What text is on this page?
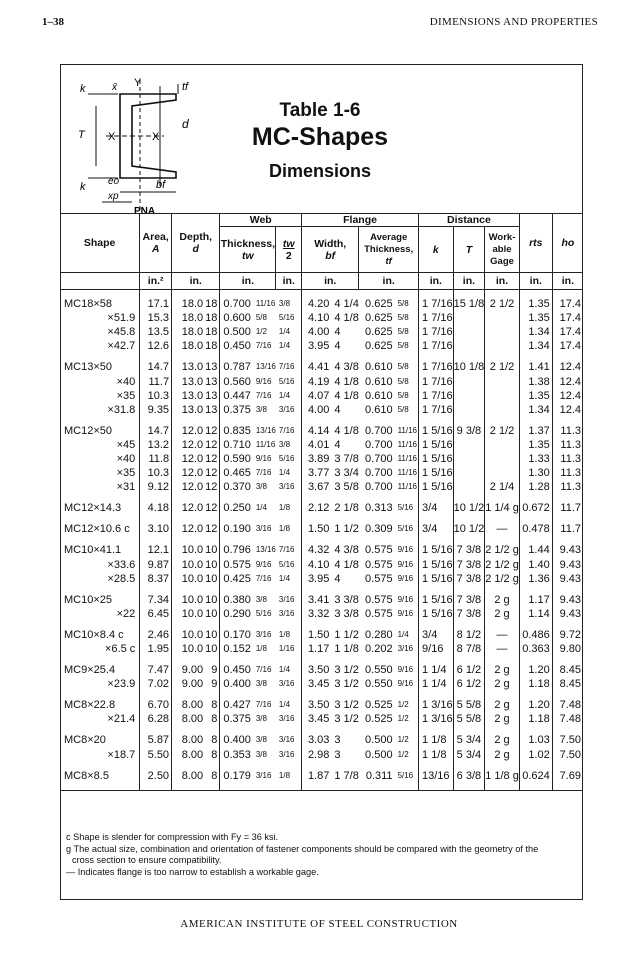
1–38	DIMENSIONS AND PROPERTIES
k	x̄ Y	tf
d
T X	X
eo	bf
k
xp
PNA
Table 1-6
MC-Shapes
Dimensions
Shape	Area,
A	Depth,
d		Web			Flange				Distance			rts	ho
				Thickness,
tw		tw
2	Width,
bf		Average
Thickness,
tf		k	T	Work-
able
Gage		
	in.²	in.		in.		in.	in.		in.		in.	in.	in.	in.	in.

MC18×58	17.1	18.0	18	0.700	11/16	3/8	4.20	4 1/4	0.625	5/8	1 7/16	15 1/8	2 1/2	1.35	17.4
×51.9	15.3	18.0	18	0.600	5/8	5/16	4.10	4 1/8	0.625	5/8	1 7/16			1.35	17.4
×45.8	13.5	18.0	18	0.500	1/2	1/4	4.00	4	0.625	5/8	1 7/16			1.34	17.4
×42.7	12.6	18.0	18	0.450	7/16	1/4	3.95	4	0.625	5/8	1 7/16			1.34	17.4

MC13×50	14.7	13.0	13	0.787	13/16	7/16	4.41	4 3/8	0.610	5/8	1 7/16	10 1/8	2 1/2	1.41	12.4
×40	11.7	13.0	13	0.560	9/16	5/16	4.19	4 1/8	0.610	5/8	1 7/16			1.38	12.4
×35	10.3	13.0	13	0.447	7/16	1/4	4.07	4 1/8	0.610	5/8	1 7/16			1.35	12.4
×31.8	9.35	13.0	13	0.375	3/8	3/16	4.00	4	0.610	5/8	1 7/16			1.34	12.4

MC12×50	14.7	12.0	12	0.835	13/16	7/16	4.14	4 1/8	0.700	11/16	1 5/16	9 3/8	2 1/2	1.37	11.3
×45	13.2	12.0	12	0.710	11/16	3/8	4.01	4	0.700	11/16	1 5/16			1.35	11.3
×40	11.8	12.0	12	0.590	9/16	5/16	3.89	3 7/8	0.700	11/16	1 5/16			1.33	11.3
×35	10.3	12.0	12	0.465	7/16	1/4	3.77	3 3/4	0.700	11/16	1 5/16			1.30	11.3
×31	9.12	12.0	12	0.370	3/8	3/16	3.67	3 5/8	0.700	11/16	1 5/16		2 1/4	1.28	11.3

MC12×14.3	4.18	12.0	12	0.250	1/4	1/8	2.12	2 1/8	0.313	5/16	3/4	10 1/2	1 1/4 g	0.672	11.7

MC12×10.6 c	3.10	12.0	12	0.190	3/16	1/8	1.50	1 1/2	0.309	5/16	3/4	10 1/2	—	0.478	11.7

MC10×41.1	12.1	10.0	10	0.796	13/16	7/16	4.32	4 3/8	0.575	9/16	1 5/16	7 3/8	2 1/2 g	1.44	9.43
×33.6	9.87	10.0	10	0.575	9/16	5/16	4.10	4 1/8	0.575	9/16	1 5/16	7 3/8	2 1/2 g	1.40	9.43
×28.5	8.37	10.0	10	0.425	7/16	1/4	3.95	4	0.575	9/16	1 5/16	7 3/8	2 1/2 g	1.36	9.43

MC10×25	7.34	10.0	10	0.380	3/8	3/16	3.41	3 3/8	0.575	9/16	1 5/16	7 3/8	2 g	1.17	9.43
×22	6.45	10.0	10	0.290	5/16	3/16	3.32	3 3/8	0.575	9/16	1 5/16	7 3/8	2 g	1.14	9.43

MC10×8.4 c	2.46	10.0	10	0.170	3/16	1/8	1.50	1 1/2	0.280	1/4	3/4	8 1/2	—	0.486	9.72
×6.5 c	1.95	10.0	10	0.152	1/8	1/16	1.17	1 1/8	0.202	3/16	9/16	8 7/8	—	0.363	9.80

MC9×25.4	7.47	9.00	9	0.450	7/16	1/4	3.50	3 1/2	0.550	9/16	1 1/4	6 1/2	2 g	1.20	8.45
×23.9	7.02	9.00	9	0.400	3/8	3/16	3.45	3 1/2	0.550	9/16	1 1/4	6 1/2	2 g	1.18	8.45

MC8×22.8	6.70	8.00	8	0.427	7/16	1/4	3.50	3 1/2	0.525	1/2	1 3/16	5 5/8	2 g	1.20	7.48
×21.4	6.28	8.00	8	0.375	3/8	3/16	3.45	3 1/2	0.525	1/2	1 3/16	5 5/8	2 g	1.18	7.48

MC8×20	5.87	8.00	8	0.400	3/8	3/16	3.03	3	0.500	1/2	1 1/8	5 3/4	2 g	1.03	7.50
×18.7	5.50	8.00	8	0.353	3/8	3/16	2.98	3	0.500	1/2	1 1/8	5 3/4	2 g	1.02	7.50

MC8×8.5	2.50	8.00	8	0.179	3/16	1/8	1.87	1 7/8	0.311	5/16	13/16	6 3/8	1 1/8 g	0.624	7.69

c Shape is slender for compression with Fy = 36 ksi.
g The actual size, combination and orientation of fastener components should be compared with the geometry of the
cross section to ensure compatibility.
— Indicates flange is too narrow to establish a workable gage.
AMERICAN INSTITUTE OF STEEL CONSTRUCTION
